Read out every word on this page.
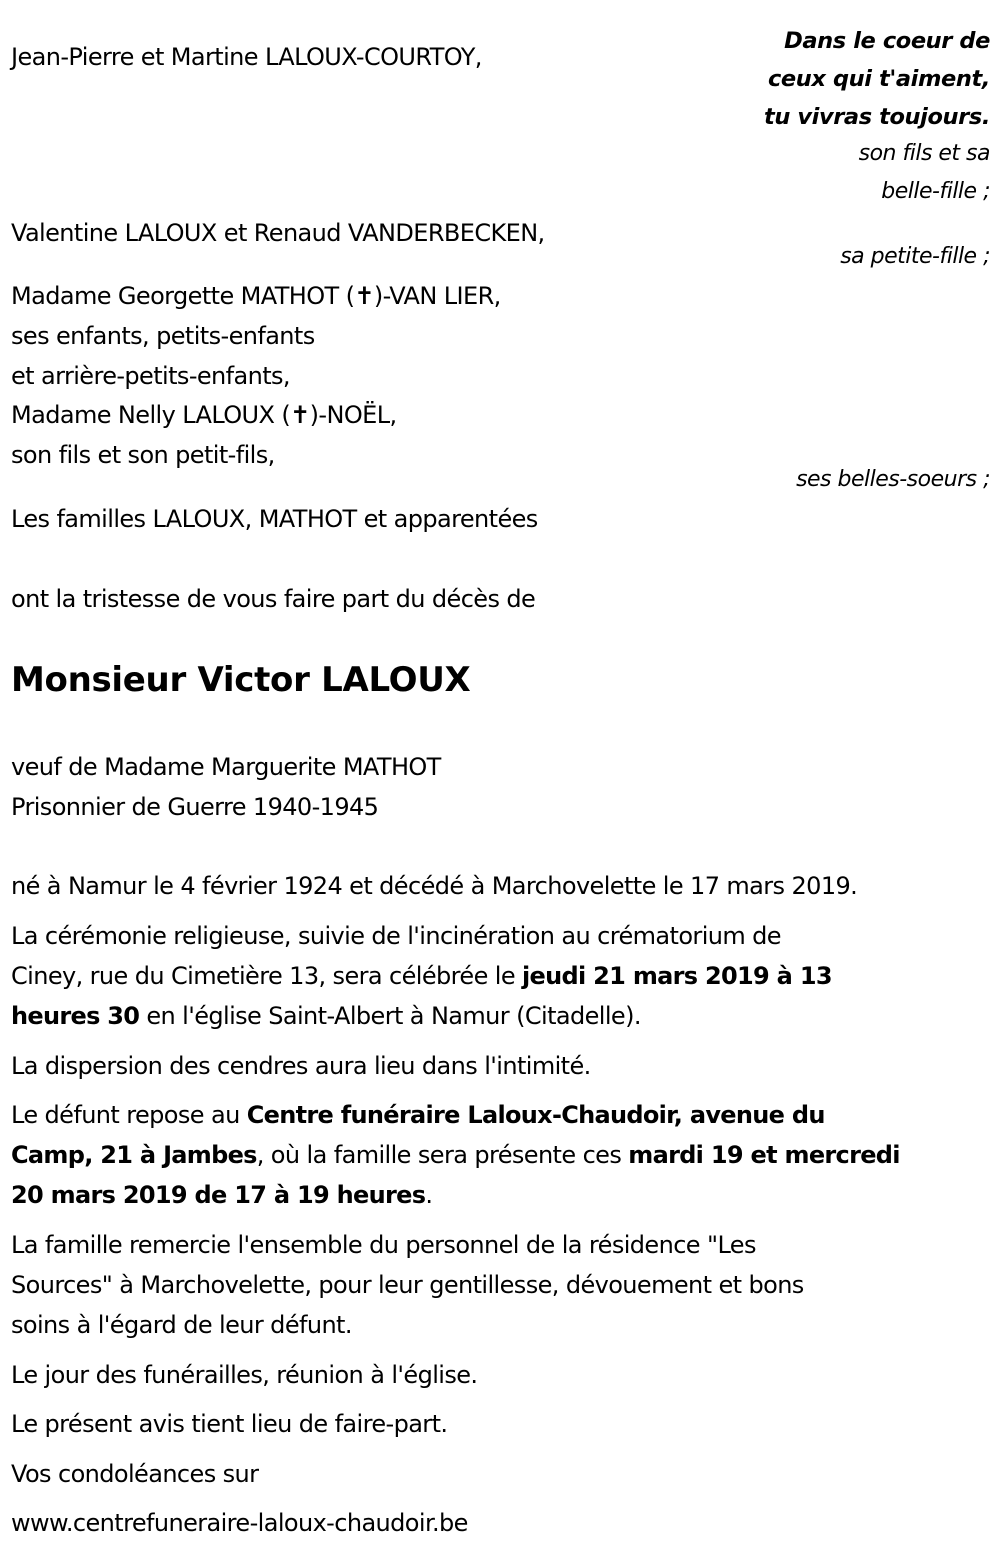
Dans le coeur de
ceux qui t'aiment,
tu vivras toujours.
Jean-Pierre et Martine LALOUX-COURTOY,
son fils et sa
belle-fille ;
Valentine LALOUX et Renaud VANDERBECKEN,
sa petite-fille ;
Madame Georgette MATHOT (✝)-VAN LIER,
ses enfants, petits-enfants
et arrière-petits-enfants,
Madame Nelly LALOUX (✝)-NOËL,
son fils et son petit-fils,
ses belles-soeurs ;
Les familles LALOUX, MATHOT et apparentées
ont la tristesse de vous faire part du décès de
Monsieur Victor LALOUX
veuf de Madame Marguerite MATHOT
Prisonnier de Guerre 1940-1945
né à Namur le 4 février 1924 et décédé à Marchovelette le 17 mars 2019.
La cérémonie religieuse, suivie de l'incinération au crématorium de
Ciney, rue du Cimetière 13, sera célébrée le jeudi 21 mars 2019 à 13
heures 30 en l'église Saint-Albert à Namur (Citadelle).
La dispersion des cendres aura lieu dans l'intimité.
Le défunt repose au Centre funéraire Laloux-Chaudoir, avenue du
Camp, 21 à Jambes, où la famille sera présente ces mardi 19 et mercredi
20 mars 2019 de 17 à 19 heures.
La famille remercie l'ensemble du personnel de la résidence "Les
Sources" à Marchovelette, pour leur gentillesse, dévouement et bons
soins à l'égard de leur défunt.
Le jour des funérailles, réunion à l'église.
Le présent avis tient lieu de faire-part.
Vos condoléances sur
www.centrefuneraire-laloux-chaudoir.be
